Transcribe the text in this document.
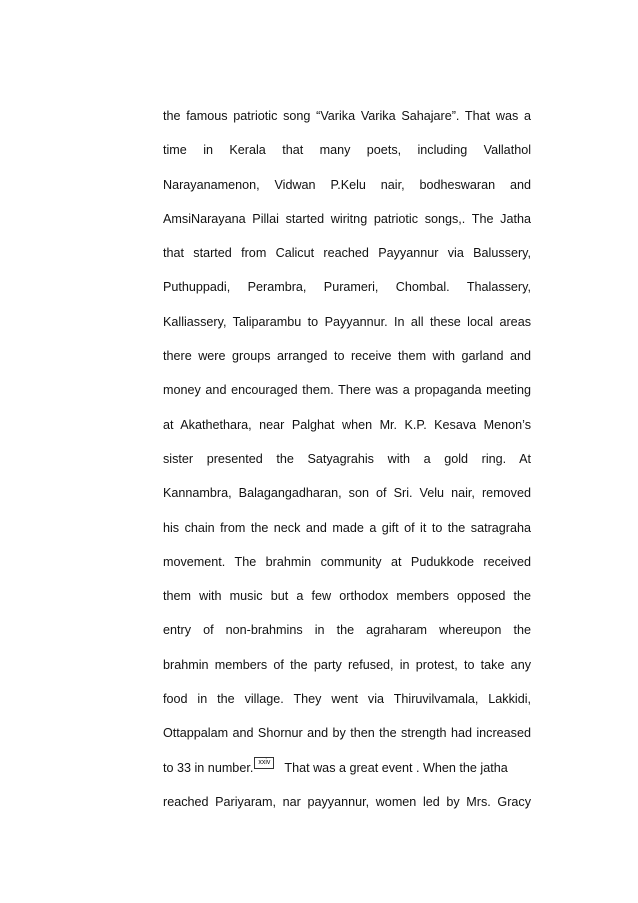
the famous patriotic song “Varika Varika Sahajare”. That was a
time in Kerala that many poets, including Vallathol
Narayanamenon, Vidwan P.Kelu nair, bodheswaran and
AmsiNarayana Pillai started wiritng patriotic songs,. The Jatha
that started from Calicut reached Payyannur via Balussery,
Puthuppadi, Perambra, Purameri, Chombal. Thalassery,
Kalliassery, Taliparambu to Payyannur. In all these local areas
there were groups arranged to receive them with garland and
money and encouraged them. There was a propaganda meeting
at Akathethara, near Palghat when Mr. K.P. Kesava Menon’s
sister presented the Satyagrahis with a gold ring. At
Kannambra, Balagangadharan, son of Sri. Velu nair, removed
his chain from the neck and made a gift of it to the satragraha
movement. The brahmin community at Pudukkode received
them with music but a few orthodox members opposed the
entry of non-brahmins in the agraharam whereupon the
brahmin members of the party refused, in protest, to take any
food in the village. They went via Thiruvilvamala, Lakkidi,
Ottappalam and Shornur and by then the strength had increased
to 33 in number. xxiv That was a great event . When the jatha
reached Pariyaram, nar payyannur, women led by Mrs. Gracy
